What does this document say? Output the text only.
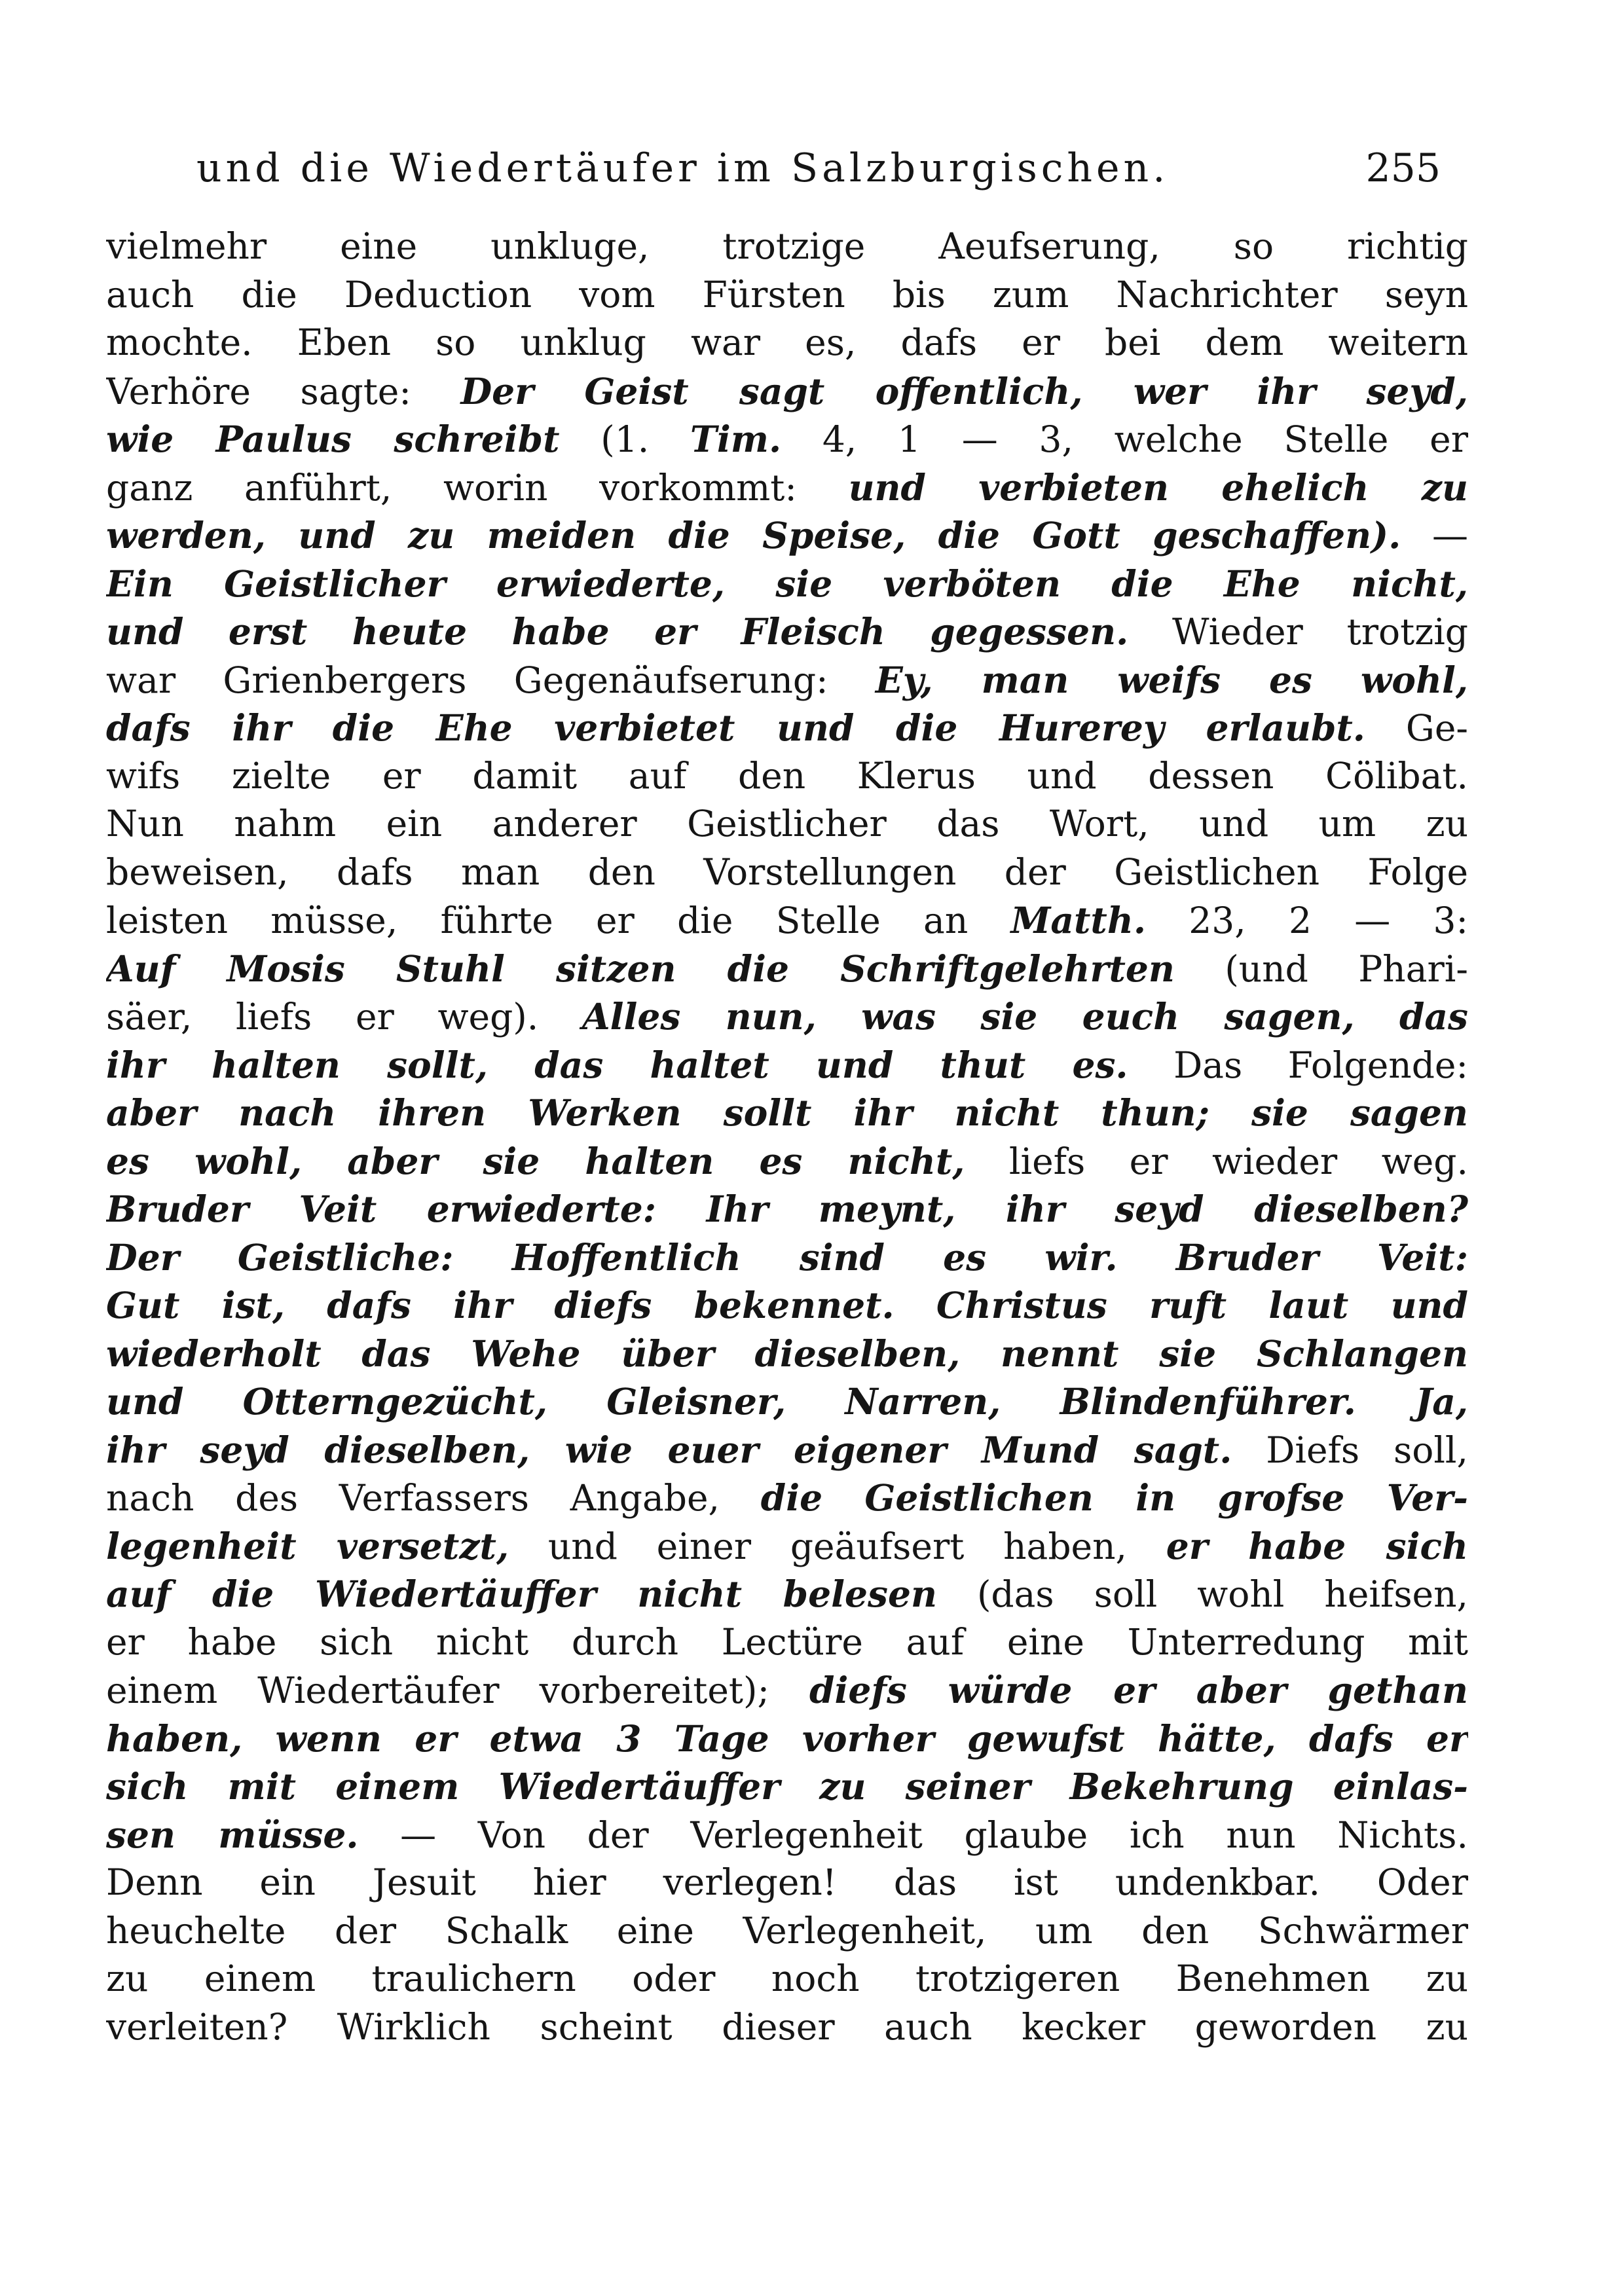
und die Wiedertäufer im Salzburgischen.	255
vielmehr eine unkluge, trotzige Aeufserung, so richtig
auch die Deduction vom Fürsten bis zum Nachrichter seyn
mochte. Eben so unklug war es, dafs er bei dem weitern
Verhöre sagte: Der Geist sagt offentlich, wer ihr seyd,
wie Paulus schreibt (1. Tim. 4, 1 — 3, welche Stelle er
ganz anführt, worin vorkommt: und verbieten ehelich zu
werden, und zu meiden die Speise, die Gott geschaffen). —
Ein Geistlicher erwiederte, sie verböten die Ehe nicht,
und erst heute habe er Fleisch gegessen. Wieder trotzig
war Grienbergers Gegenäufserung: Ey, man weifs es wohl,
dafs ihr die Ehe verbietet und die Hurerey erlaubt. Ge-
wifs zielte er damit auf den Klerus und dessen Cölibat.
Nun nahm ein anderer Geistlicher das Wort, und um zu
beweisen, dafs man den Vorstellungen der Geistlichen Folge
leisten müsse, führte er die Stelle an Matth. 23, 2 — 3:
Auf Mosis Stuhl sitzen die Schriftgelehrten (und Phari-
säer, liefs er weg). Alles nun, was sie euch sagen, das
ihr halten sollt, das haltet und thut es. Das Folgende:
aber nach ihren Werken sollt ihr nicht thun; sie sagen
es wohl, aber sie halten es nicht, liefs er wieder weg.
Bruder Veit erwiederte: Ihr meynt, ihr seyd dieselben?
Der Geistliche: Hoffentlich sind es wir. Bruder Veit:
Gut ist, dafs ihr diefs bekennet. Christus ruft laut und
wiederholt das Wehe über dieselben, nennt sie Schlangen
und Otterngezücht, Gleisner, Narren, Blindenführer. Ja,
ihr seyd dieselben, wie euer eigener Mund sagt. Diefs soll,
nach des Verfassers Angabe, die Geistlichen in grofse Ver-
legenheit versetzt, und einer geäufsert haben, er habe sich
auf die Wiedertäuffer nicht belesen (das soll wohl heifsen,
er habe sich nicht durch Lectüre auf eine Unterredung mit
einem Wiedertäufer vorbereitet); diefs würde er aber gethan
haben, wenn er etwa 3 Tage vorher gewufst hätte, dafs er
sich mit einem Wiedertäuffer zu seiner Bekehrung einlas-
sen müsse. — Von der Verlegenheit glaube ich nun Nichts.
Denn ein Jesuit hier verlegen! das ist undenkbar. Oder
heuchelte der Schalk eine Verlegenheit, um den Schwärmer
zu einem traulichern oder noch trotzigeren Benehmen zu
verleiten? Wirklich scheint dieser auch kecker geworden zu
